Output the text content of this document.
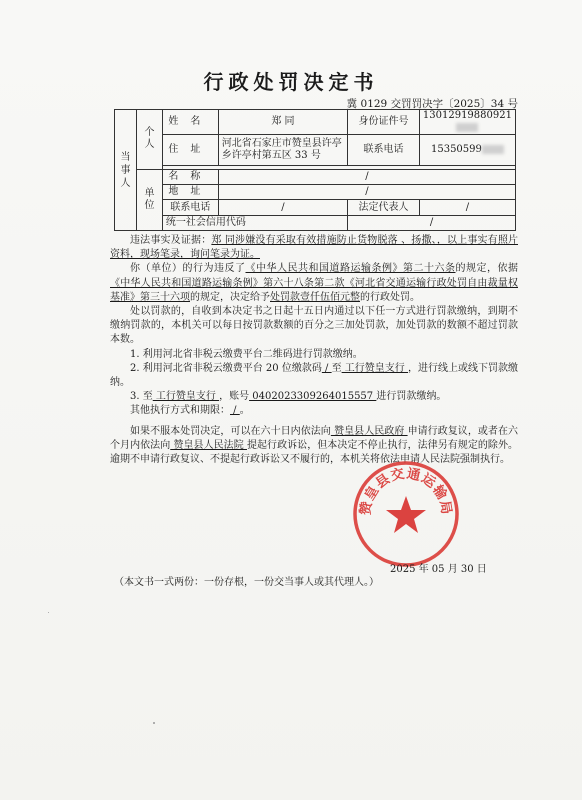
行政处罚决定书
冀 0129 交罚罚决字〔2025〕34 号
当事人	个人	姓名	郑 同	身份证件号	13012919880921
		住址	河北省石家庄市赞皇县许亭乡许亭村第五区 33 号	联系电话	15350599

	单位	名称	/		
		地址	/		
		联系电话	/	法定代表人	/
		统一社会信用代码		/	

违法事实及证据：郑 同涉嫌没有采取有效措施防止货物脱落 、扬撒、，以上事实有照片资料，现场笔录，询问笔录为证。

你（单位）的行为违反了《中华人民共和国道路运输条例》第二十六条的规定，依据《中华人民共和国道路运输条例》第六十八条第二款《河北省交通运输行政处罚自由裁量权基准》第三十六项的规定，决定给予处罚款壹仟伍佰元整的行政处罚。

处以罚款的，自收到本决定书之日起十五日内通过以下任一方式进行罚款缴纳，到期不缴纳罚款的，本机关可以每日按罚款数额的百分之三加处罚款，加处罚款的数额不超过罚款本数。

1. 利用河北省非税云缴费平台二维码进行罚款缴纳。

2. 利用河北省非税云缴费平台 20 位缴款码 / 至 工行赞皇支行 ，进行线上或线下罚款缴纳。

3. 至 工行赞皇支行 ，账号 0402023309264015557 进行罚款缴纳。

其他执行方式和期限： / 。

如果不服本处罚决定，可以在六十日内依法向 赞皇县人民政府 申请行政复议，或者在六个月内依法向 赞皇县人民法院 提起行政诉讼，但本决定不停止执行，法律另有规定的除外。逾期不申请行政复议、不提起行政诉讼又不履行的，本机关将依法申请人民法院强制执行。

赞皇县交通运输局
2025 年 05 月 30 日
（本文书一式两份：一份存根，一份交当事人或其代理人。）
